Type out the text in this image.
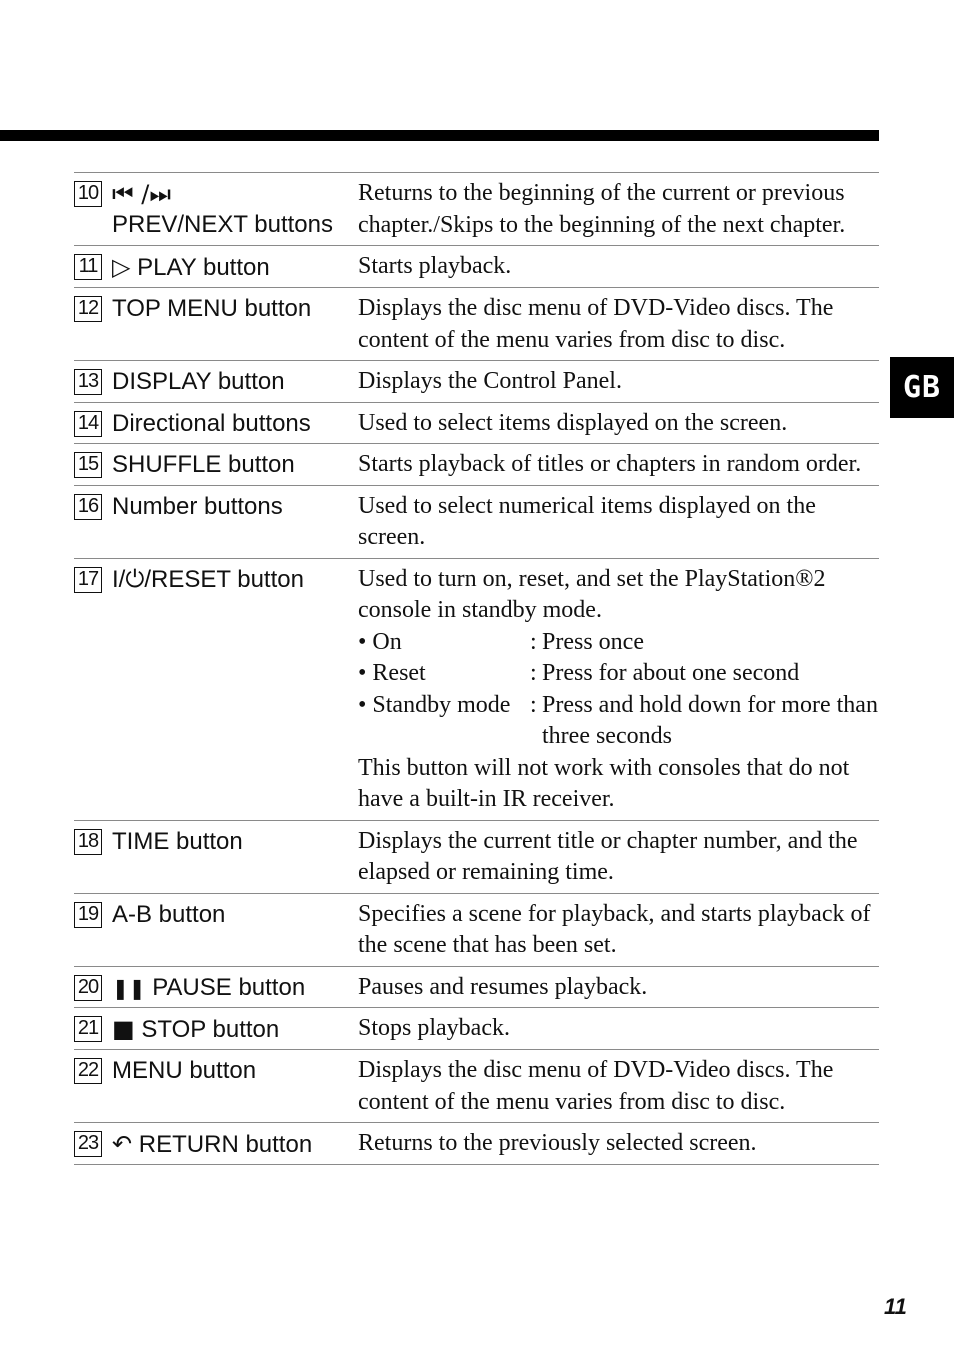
GB
10 ⏮ /⏭
PREV/NEXT buttons
Returns to the beginning of the current or previous chapter./Skips to the beginning of the next chapter.

11 ▷ PLAY button	Starts playback.

12 TOP MENU button	Displays the disc menu of DVD-Video discs. The content of the menu varies from disc to disc.

13 DISPLAY button	Displays the Control Panel.

14 Directional buttons	Used to select items displayed on the screen.

15 SHUFFLE button	Starts playback of titles or chapters in random order.

16 Number buttons	Used to select numerical items displayed on the screen.

17 I/⏻/RESET button	Used to turn on, reset, and set the PlayStation®2 console in standby mode.
• On	: Press once
• Reset	: Press for about one second
• Standby mode : Press and hold down for more than three seconds
This button will not work with consoles that do not have a built-in IR receiver.

18 TIME button	Displays the current title or chapter number, and the elapsed or remaining time.

19 A-B button	Specifies a scene for playback, and starts playback of the scene that has been set.

20 ❚❚ PAUSE button	Pauses and resumes playback.

21 ■ STOP button	Stops playback.

22 MENU button	Displays the disc menu of DVD-Video discs. The content of the menu varies from disc to disc.

23 ↶ RETURN button	Returns to the previously selected screen.
11
